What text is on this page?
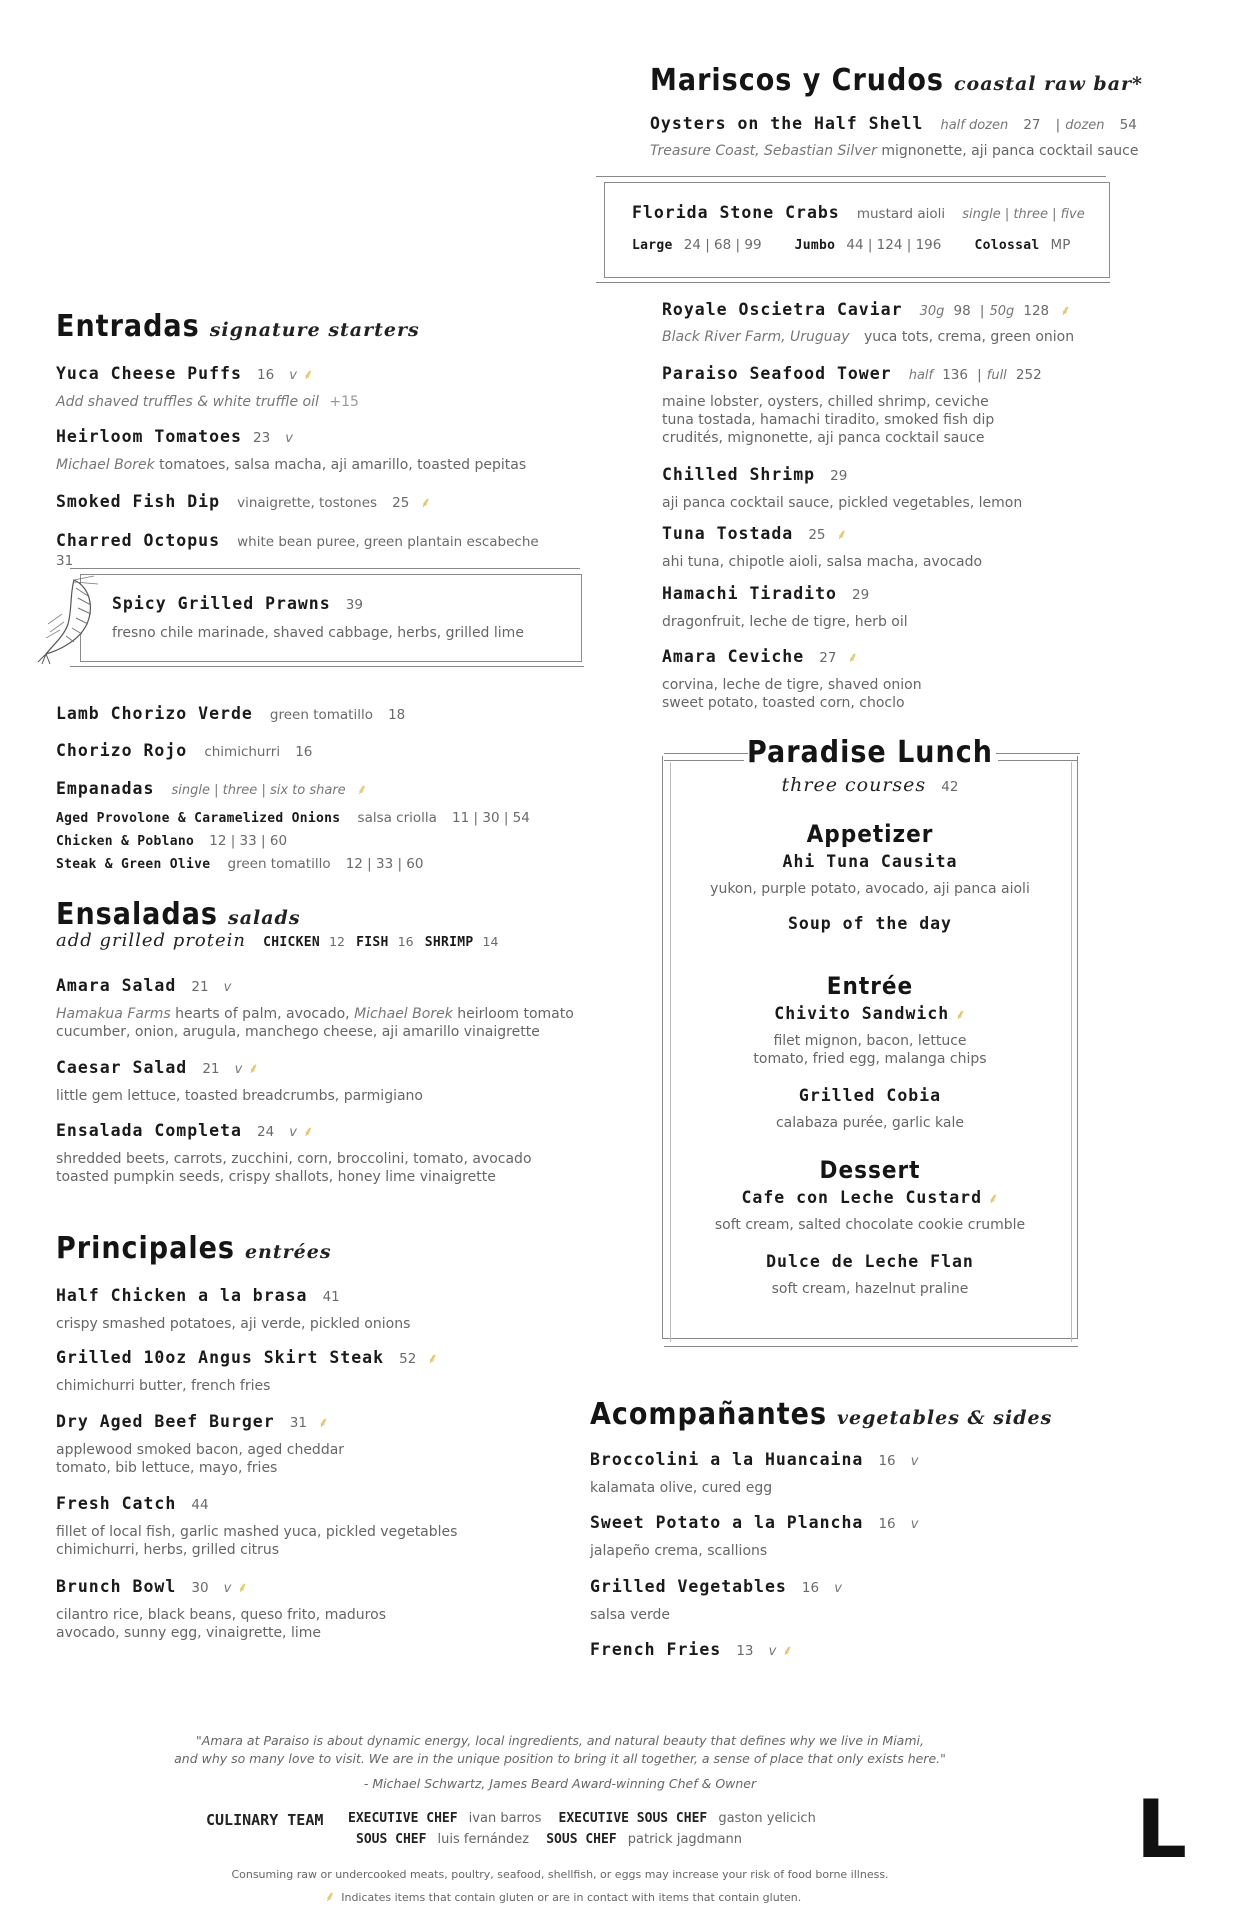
Mariscos y Crudos coastal raw bar*
Oysters on the Half Shell half dozen 27 | dozen 54
Treasure Coast, Sebastian Silver mignonette, aji panca cocktail sauce
Florida Stone Crabs mustard aioli single | three | five
Large 24 | 68 | 99	Jumbo 44 | 124 | 196	Colossal MP
Royale Oscietra Caviar 30g 98 | 50g 128 ⸙
Black River Farm, Uruguay yuca tots, crema, green onion
Paraiso Seafood Tower half 136 | full 252
maine lobster, oysters, chilled shrimp, ceviche
tuna tostada, hamachi tiradito, smoked fish dip
crudités, mignonette, aji panca cocktail sauce
Chilled Shrimp 29
aji panca cocktail sauce, pickled vegetables, lemon
Tuna Tostada 25 ⸙
ahi tuna, chipotle aioli, salsa macha, avocado
Hamachi Tiradito 29
dragonfruit, leche de tigre, herb oil
Amara Ceviche 27 ⸙
corvina, leche de tigre, shaved onion
sweet potato, toasted corn, choclo
Entradas signature starters
Yuca Cheese Puffs 16 v ⸙
Add shaved truffles & white truffle oil +15
Heirloom Tomatoes 23 v
Michael Borek tomatoes, salsa macha, aji amarillo, toasted pepitas
Smoked Fish Dip vinaigrette, tostones 25 ⸙
Charred Octopus white bean puree, green plantain escabeche
31
Spicy Grilled Prawns 39
fresno chile marinade, shaved cabbage, herbs, grilled lime
Lamb Chorizo Verde green tomatillo 18
Chorizo Rojo chimichurri 16
Empanadas single | three | six to share ⸙
Aged Provolone & Caramelized Onions salsa criolla 11 | 30 | 54
Chicken & Poblano 12 | 33 | 60
Steak & Green Olive green tomatillo 12 | 33 | 60
Ensaladas salads
add grilled protein CHICKEN 12 FISH 16 SHRIMP 14
Amara Salad 21 v
Hamakua Farms hearts of palm, avocado, Michael Borek heirloom tomato
cucumber, onion, arugula, manchego cheese, aji amarillo vinaigrette
Caesar Salad 21 v ⸙
little gem lettuce, toasted breadcrumbs, parmigiano
Ensalada Completa 24 v ⸙
shredded beets, carrots, zucchini, corn, broccolini, tomato, avocado
toasted pumpkin seeds, crispy shallots, honey lime vinaigrette
Principales entrées
Half Chicken a la brasa 41
crispy smashed potatoes, aji verde, pickled onions
Grilled 10oz Angus Skirt Steak 52 ⸙
chimichurri butter, french fries
Dry Aged Beef Burger 31 ⸙
applewood smoked bacon, aged cheddar
tomato, bib lettuce, mayo, fries
Fresh Catch 44
fillet of local fish, garlic mashed yuca, pickled vegetables
chimichurri, herbs, grilled citrus
Brunch Bowl 30 v ⸙
cilantro rice, black beans, queso frito, maduros
avocado, sunny egg, vinaigrette, lime
Paradise Lunch
three courses 42
Appetizer
Ahi Tuna Causita
yukon, purple potato, avocado, aji panca aioli
Soup of the day
Entrée
Chivito Sandwich ⸙
filet mignon, bacon, lettuce
tomato, fried egg, malanga chips
Grilled Cobia
calabaza purée, garlic kale
Dessert
Cafe con Leche Custard ⸙
soft cream, salted chocolate cookie crumble
Dulce de Leche Flan
soft cream, hazelnut praline
Acompañantes vegetables & sides
Broccolini a la Huancaina 16 v
kalamata olive, cured egg
Sweet Potato a la Plancha 16 v
jalapeño crema, scallions
Grilled Vegetables 16 v
salsa verde
French Fries 13 v ⸙
"Amara at Paraiso is about dynamic energy, local ingredients, and natural beauty that defines why we live in Miami,
and why so many love to visit. We are in the unique position to bring it all together, a sense of place that only exists here."
- Michael Schwartz, James Beard Award-winning Chef & Owner
CULINARY TEAM EXECUTIVE CHEF ivan barros EXECUTIVE SOUS CHEF gaston yelicich
SOUS CHEF luis fernández SOUS CHEF patrick jagdmann
Consuming raw or undercooked meats, poultry, seafood, shellfish, or eggs may increase your risk of food borne illness.
⸙ Indicates items that contain gluten or are in contact with items that contain gluten.
L
